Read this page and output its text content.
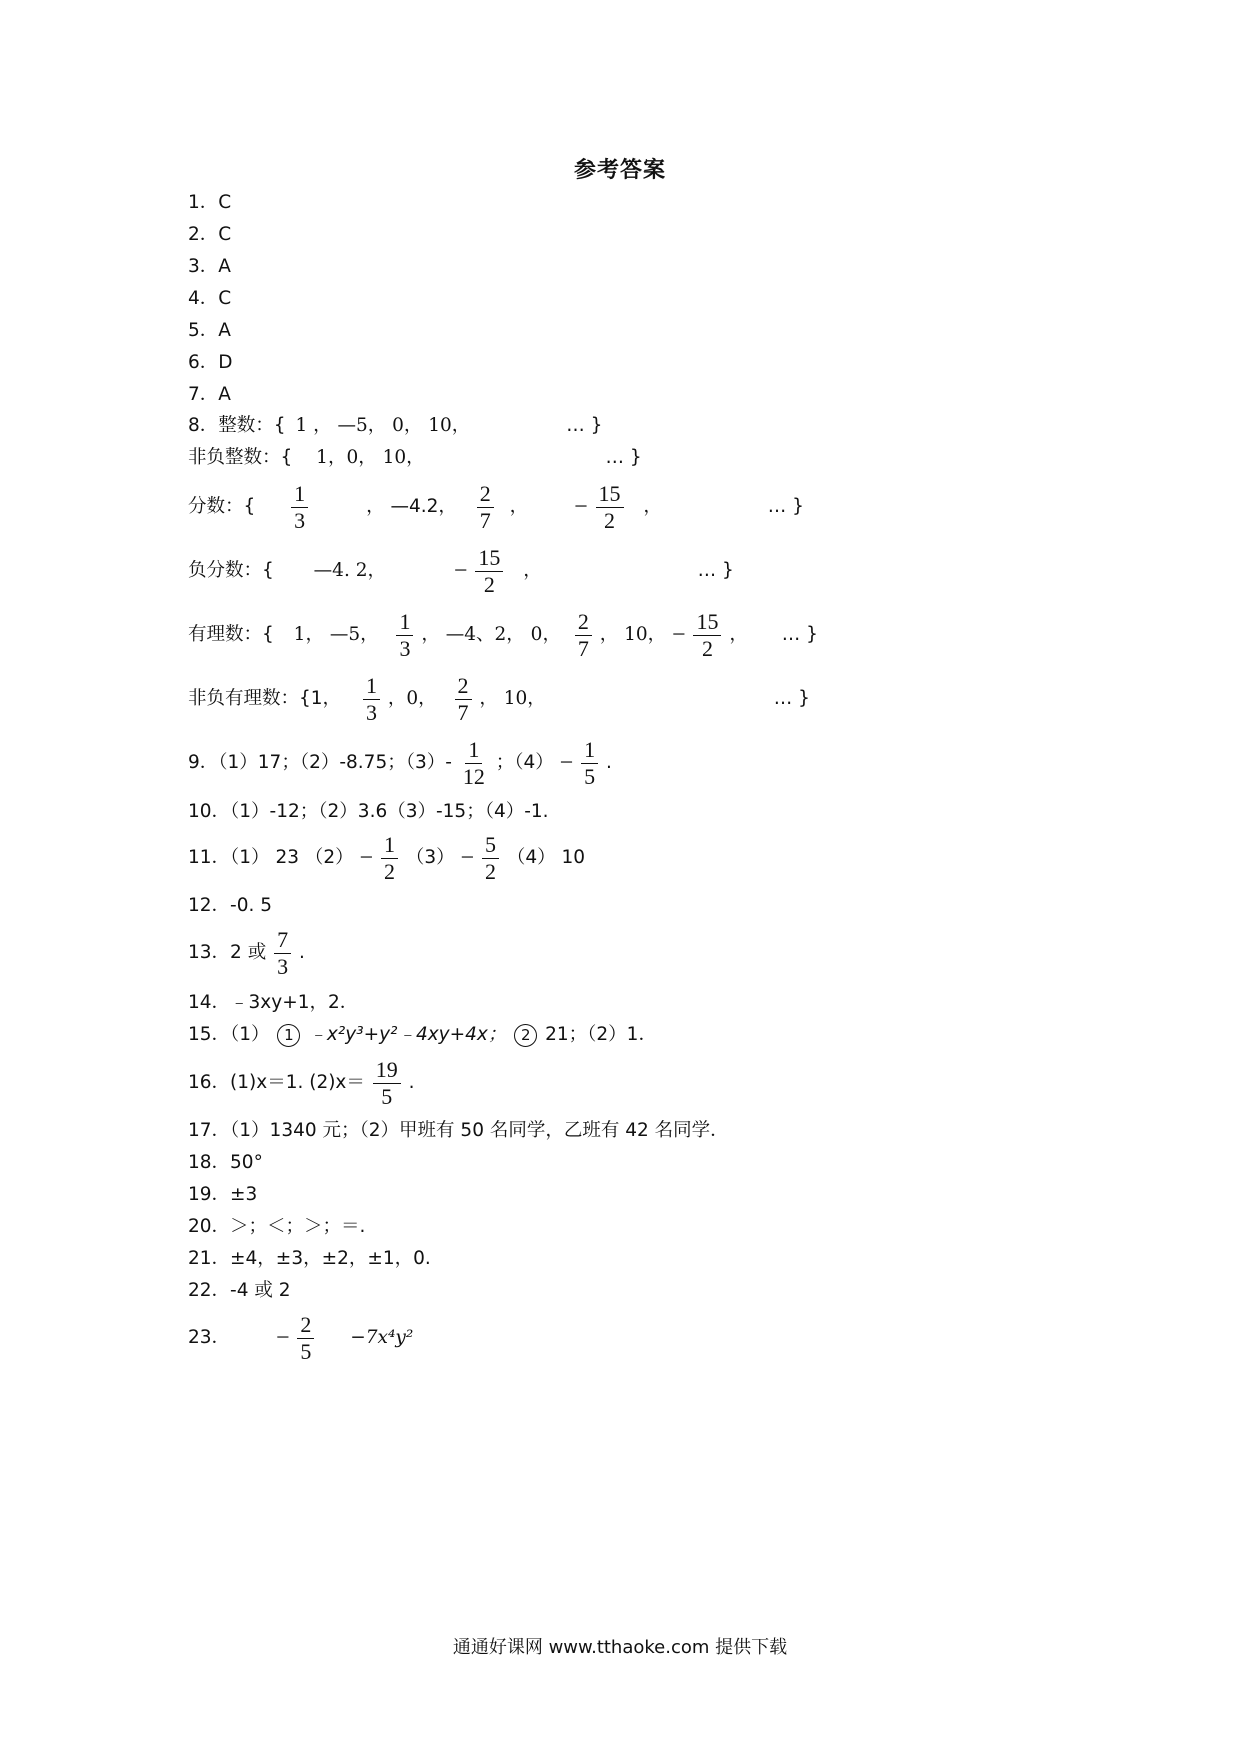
参考答案
1．C
2．C
3．A
4．C
5．A
6．D
7．A
8．整数：{ 1 ， —5， 0， 10，	… }
非负整数：{ 1，0， 10，	… }
分数：{ $\frac{1}{3}$	， —4.2， $\frac{2}{7}$ ， − $\frac{15}{2}$ ，	… }
负分数：{ —4. 2，	− $\frac{15}{2}$ ，	… }
有理数：{ 1， —5， $\frac{1}{3}$ ， —4、2， 0， $\frac{2}{7}$ ， 10， − $\frac{15}{2}$ ， … }
非负有理数：{1， $\frac{1}{3}$ ，0， $\frac{2}{7}$ ， 10，	… }
9．（1）17；（2）-8.75；$(3)- \frac{1}{12}$ ；$(4) - \frac{1}{5}$ .
10．（1）-12；（2）3.6（3）-15；（4）-1.
11．（1） 23 $(2) - \frac{1}{2} (3) - \frac{5}{2} (4)$ 10
12．-0. 5
13．2 或 $\frac{7}{3}$ .
14．﹣3xy+1，2．
15．（1） 1 ﹣x²y³+y²﹣4xy+4x； 2 21；（2）1．
16．(1)x＝1. $(2)x= \frac{19}{5}$ .
17．（1）1340 元；（2）甲班有 50 名同学，乙班有 42 名同学．
18．50°
19．±3
20．＞；＜；＞；＝.
21．±4，±3，±2，±1，0.
22．-4 或 2
23． − $\frac{2}{5} -7x^4y^2$
通通好课网 www.tthaoke.com 提供下载
